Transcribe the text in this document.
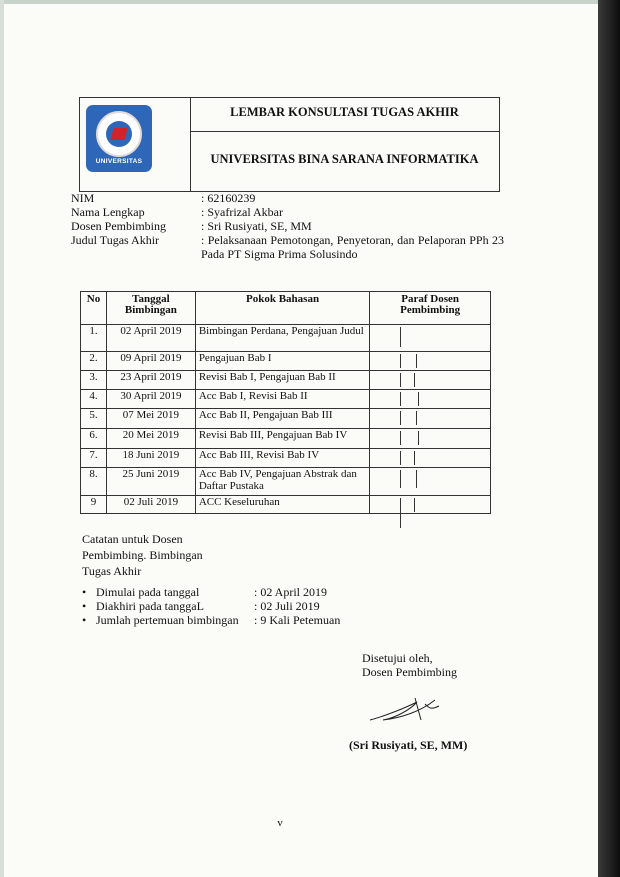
UNIVERSITAS
LEMBAR KONSULTASI TUGAS AKHIR
UNIVERSITAS BINA SARANA INFORMATIKA
NIM	: 62160239
Nama Lengkap	: Syafrizal Akbar
Dosen Pembimbing	: Sri Rusiyati, SE, MM
Judul Tugas Akhir	: Pelaksanaan Pemotongan, Penyetoran, dan Pelaporan PPh 23 Pada PT Sigma Prima Solusindo
No	Tanggal Bimbingan	Pokok Bahasan	Paraf Dosen Pembimbing
1.	02 April 2019	Bimbingan Perdana, Pengajuan Judul	

2.	09 April 2019	Pengajuan Bab I	

3.	23 April 2019	Revisi Bab I, Pengajuan Bab II	

4.	30 April 2019	Acc Bab I, Revisi Bab II	

5.	07 Mei 2019	Acc Bab II, Pengajuan Bab III	

6.	20 Mei 2019	Revisi Bab III, Pengajuan Bab IV	

7.	18 Juni 2019	Acc Bab III, Revisi Bab IV	

8.	25 Juni 2019	Acc Bab IV, Pengajuan Abstrak dan Daftar Pustaka	

9	02 Juli 2019	ACC Keseluruhan	
Catatan untuk Dosen
Pembimbing. Bimbingan
Tugas Akhir
• Dimulai pada tanggal	: 02 April 2019
• Diakhiri pada tanggaL	: 02 Juli 2019
• Jumlah pertemuan bimbingan : 9 Kali Petemuan
Disetujui oleh,
Dosen Pembimbing
(Sri Rusiyati, SE, MM)
v
